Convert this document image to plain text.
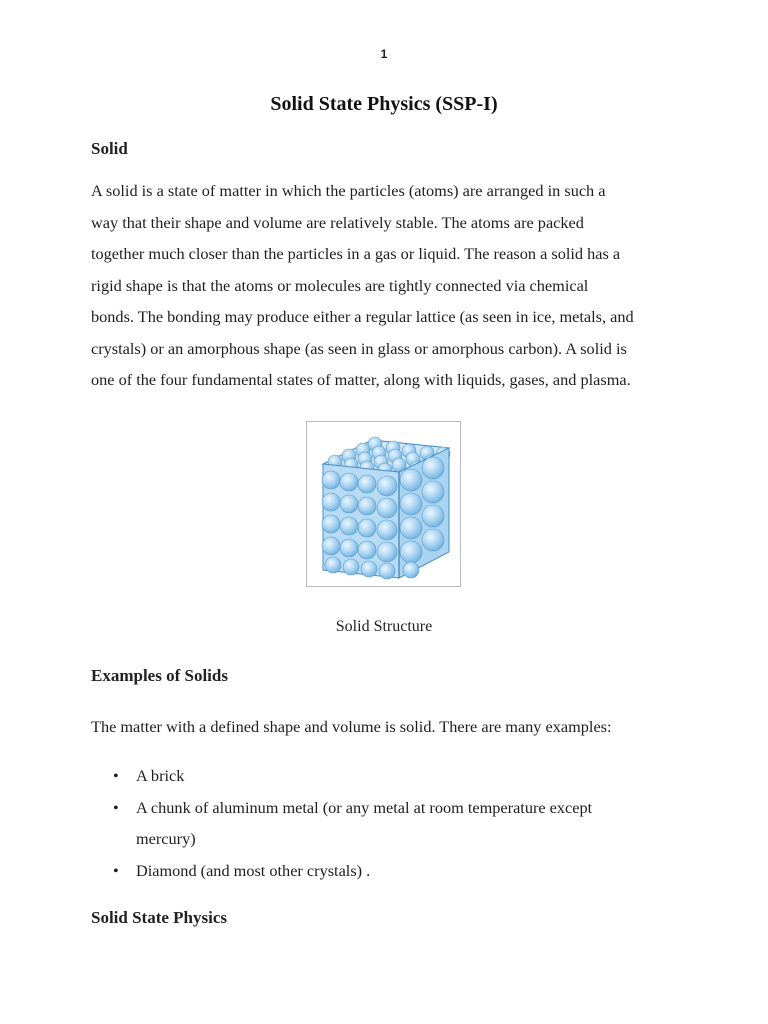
1
Solid State Physics (SSP-I)
Solid
A solid is a state of matter in which the particles (atoms) are arranged in such a
way that their shape and volume are relatively stable. The atoms are packed
together much closer than the particles in a gas or liquid. The reason a solid has a
rigid shape is that the atoms or molecules are tightly connected via chemical
bonds. The bonding may produce either a regular lattice (as seen in ice, metals, and
crystals) or an amorphous shape (as seen in glass or amorphous carbon). A solid is
one of the four fundamental states of matter, along with liquids, gases, and plasma.
Solid Structure
Examples of Solids
The matter with a defined shape and volume is solid. There are many examples:
• A brick
• A chunk of aluminum metal (or any metal at room temperature except
mercury)
• Diamond (and most other crystals) .
Solid State Physics
